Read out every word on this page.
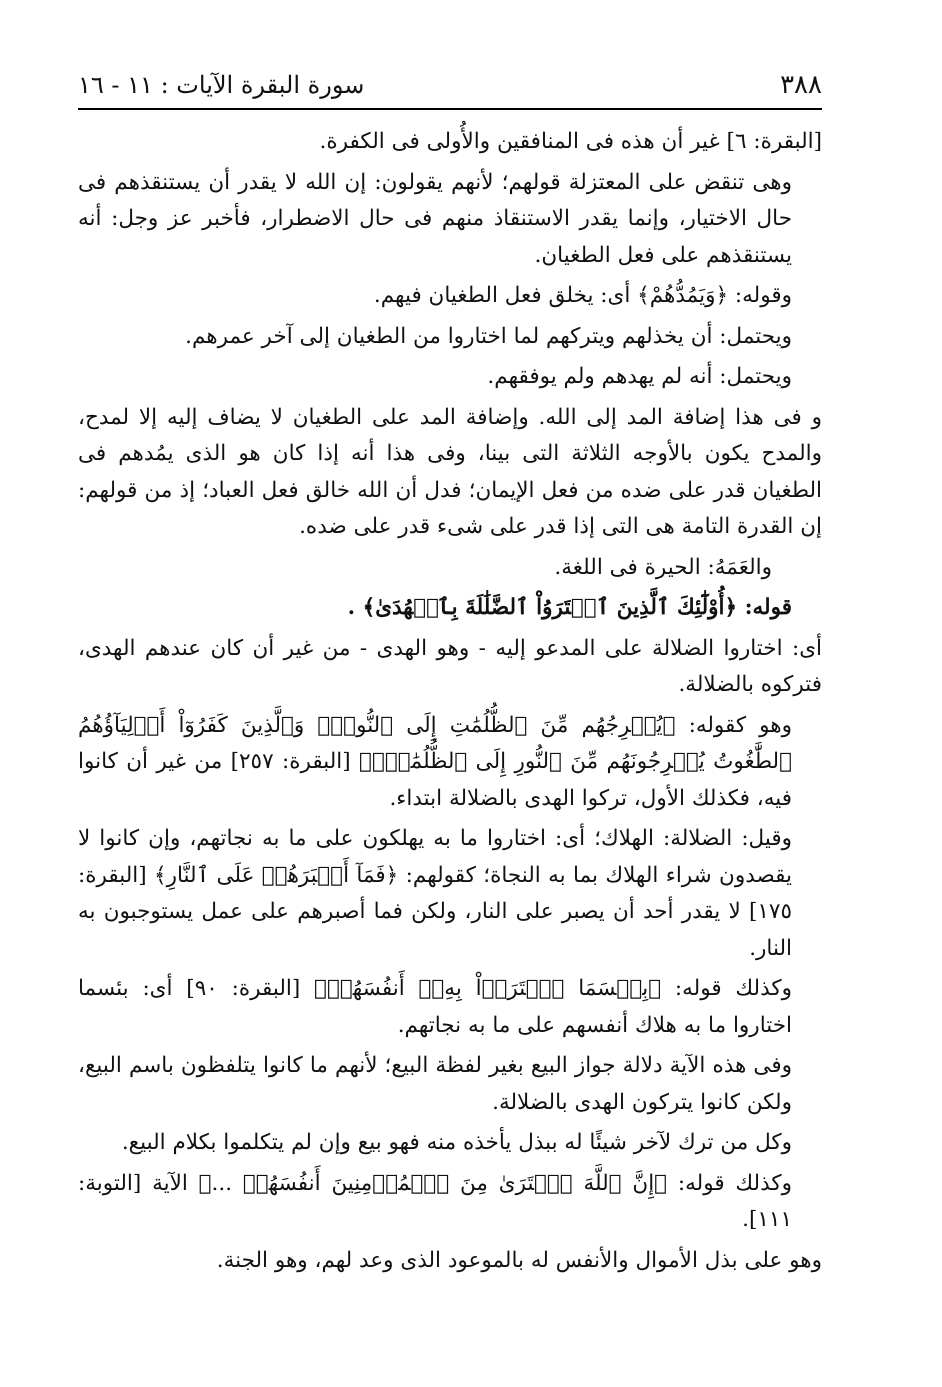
٣٨٨
سورة البقرة الآيات : ١١ - ١٦

[البقرة: ٦] غير أن هذه فى المنافقين والأُولى فى الكفرة.

وهى تنقض على المعتزلة قولهم؛ لأنهم يقولون: إن الله لا يقدر أن يستنقذهم فى حال الاختيار، وإنما يقدر الاستنقاذ منهم فى حال الاضطرار، فأخبر عز وجل: أنه يستنقذهم على فعل الطغيان.

وقوله: ﴿وَيَمُدُّهُمْ﴾ أى: يخلق فعل الطغيان فيهم.

ويحتمل: أن يخذلهم ويتركهم لما اختاروا من الطغيان إلى آخر عمرهم.

ويحتمل: أنه لم يهدهم ولم يوفقهم.

و فى هذا إضافة المد إلى الله. وإضافة المد على الطغيان لا يضاف إليه إلا لمدح، والمدح يكون بالأوجه الثلاثة التى بينا، وفى هذا أنه إذا كان هو الذى يمُدهم فى الطغيان قدر على ضده من فعل الإيمان؛ فدل أن الله خالق فعل العباد؛ إذ من قولهم: إن القدرة التامة هى التى إذا قدر على شىء قدر على ضده.

والعَمَهُ: الحيرة فى اللغة.

قوله: ﴿أُوْلَٰٓئِكَ ٱلَّذِينَ ٱشۡتَرَوُاْ ٱلضَّلَٰلَةَ بِٱلۡهُدَىٰ﴾ .

أى: اختاروا الضلالة على المدعو إليه - وهو الهدى - من غير أن كان عندهم الهدى، فتركوه بالضلالة.

وهو كقوله: ﴿يُخۡرِجُهُم مِّنَ ٱلظُّلُمَٰتِ إِلَى ٱلنُّورِۖ وَٱلَّذِينَ كَفَرُوٓاْ أَوۡلِيَآؤُهُمُ ٱلطَّٰغُوتُ يُخۡرِجُونَهُم مِّنَ ٱلنُّورِ إِلَى ٱلظُّلُمَٰتِۗ﴾ [البقرة: ٢٥٧] من غير أن كانوا فيه، فكذلك الأول، تركوا الهدى بالضلالة ابتداء.

وقيل: الضلالة: الهلاك؛ أى: اختاروا ما به يهلكون على ما به نجاتهم، وإن كانوا لا يقصدون شراء الهلاك بما به النجاة؛ كقولهم: ﴿فَمَآ أَصۡبَرَهُمۡ عَلَى ٱلنَّارِ﴾ [البقرة: ١٧٥] لا يقدر أحد أن يصبر على النار، ولكن فما أصبرهم على عمل يستوجبون به النار.

وكذلك قوله: ﴿بِئۡسَمَا ٱشۡتَرَوۡاْ بِهِۦٓ أَنفُسَهُمۡ﴾ [البقرة: ٩٠] أى: بئسما اختاروا ما به هلاك أنفسهم على ما به نجاتهم.

وفى هذه الآية دلالة جواز البيع بغير لفظة البيع؛ لأنهم ما كانوا يتلفظون باسم البيع، ولكن كانوا يتركون الهدى بالضلالة.

وكل من ترك لآخر شيئًا له ببذل يأخذه منه فهو بيع وإن لم يتكلموا بكلام البيع.

وكذلك قوله: ﴿إِنَّ ٱللَّهَ ٱشۡتَرَىٰ مِنَ ٱلۡمُؤۡمِنِينَ أَنفُسَهُمۡ ...﴾ الآية [التوبة: ١١١].

وهو على بذل الأموال والأنفس له بالموعود الذى وعد لهم، وهو الجنة.
